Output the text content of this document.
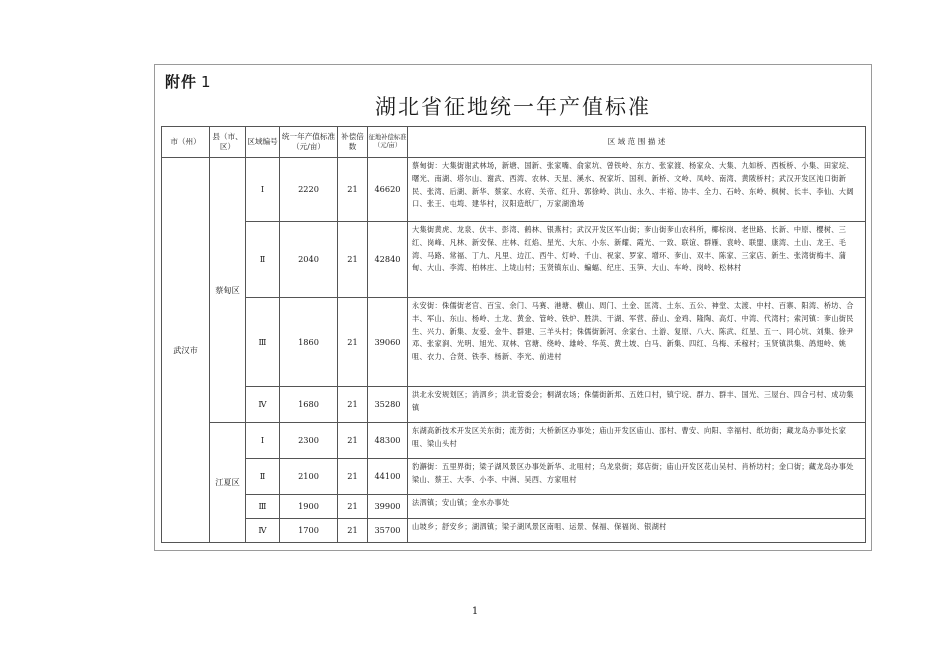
附件 1
湖北省征地统一年产值标准
市（州）	县（市、区）	区域编号	统一年产值标准（元/亩）	补偿倍数	征地补偿标准（元/亩）	区 域 范 围 描 述
武汉市	蔡甸区	Ⅰ	2220	21	46620	蔡甸街：大集街谢武林场，新塘、国新、张家嘴、俞家坑、曾铁岭、东方、张家渡、杨家众、大集、九如桥、西板桥、小集、田家垸、曙光、南湖、塔尔山、谢武、西湾、农林、天星、溪水、祝家圻、国利、新桥、文岭、凤岭、南湾、黄陂桥村；武汉开发区沌口街新民、张湾、后湖、新华、蔡家、水府、关帝、红升、郭徐岭、洪山、永久、丰裕、协丰、全力、石岭、东岭、枫树、长丰、李仙、大阔口、张王、屯塆、建华村，汉阳造纸厂，万家湖渔场
		Ⅱ	2040	21	42840	大集街黄虎、龙泉、伏丰、彭湾、鹤林、银燕村；武汉开发区军山街；奓山街奓山农科所，椰棕岗、老世路、长新、中原、樱树、三红、岗峰、凡林、新安保、庄林、红焰、星光、大东、小东、新耀、霞光、一致、联谊、群雁、袁岭、联盟、康湾、土山、龙王、毛湾、马路、常福、丁九、凡里、边江、西牛、灯岭、千山、祝家、罗家、增环、奓山、双丰、陈家、三家店、新生、张湾街梅丰、蒲甸、大山、李湾、柏林庄、上垅山村；玉贤镇东山、蝙蝠、纪庄、玉笋、大山、车岭、岗岭、松林村
		Ⅲ	1860	21	39060	永安街：侏儒街老官、百宝、余门、马赛、港塘、横山、周门、土金、匡湾、土东、五公、神堂、太渡、中村、百寨、阳湾、桥坊、合丰、军山、东山、杨岭、土龙、黄金、管岭、铁炉、胜洪、干湖、军营、薛山、金鸡、隆陶、高灯、中湾、代湾村；索河镇：奓山街民生、兴力、新集、友爱、金牛、群建、三羊头村；侏儒街新河、余家台、土游、复原、八大、陈武、红星、五一、同心坑、刘集、徐尹邓、张家涧、光明、旭光、双林、官塘、绕岭、雄岭、华英、黄土坡、白马、新集、四红、乌梅、禾稼村；玉贤镇洪集、鸽翅岭、姚咀、衣力、合贤、铁李、杨新、李光、前进村
		Ⅳ	1680	21	35280	洪北永安规划区；消泗乡；洪北管委会；桐湖农场；侏儒街新邦、五姓口村，镇宁垸、群力、群丰、国光、三屋台、四合弓村、成功集镇
	江夏区	Ⅰ	2300	21	48300	东湖高新技术开发区关东街；流芳街；大桥新区办事处；庙山开发区庙山、邵村、曹安、向阳、幸福村、纸坊街；藏龙岛办事处长家咀、梁山头村
		Ⅱ	2100	21	44100	豹澥街：五里界街；梁子湖风景区办事处新华、北咀村；乌龙泉街；郑店街；庙山开发区花山吴村、肖桥坊村；金口街；藏龙岛办事处梁山、蔡王、大李、小李、中洲、吴西、方家咀村
		Ⅲ	1900	21	39900	法泗镇；安山镇；金水办事处
		Ⅳ	1700	21	35700	山坡乡；舒安乡；湖泗镇；梁子湖风景区南咀、运景、保福、保福岗、银湖村
1
